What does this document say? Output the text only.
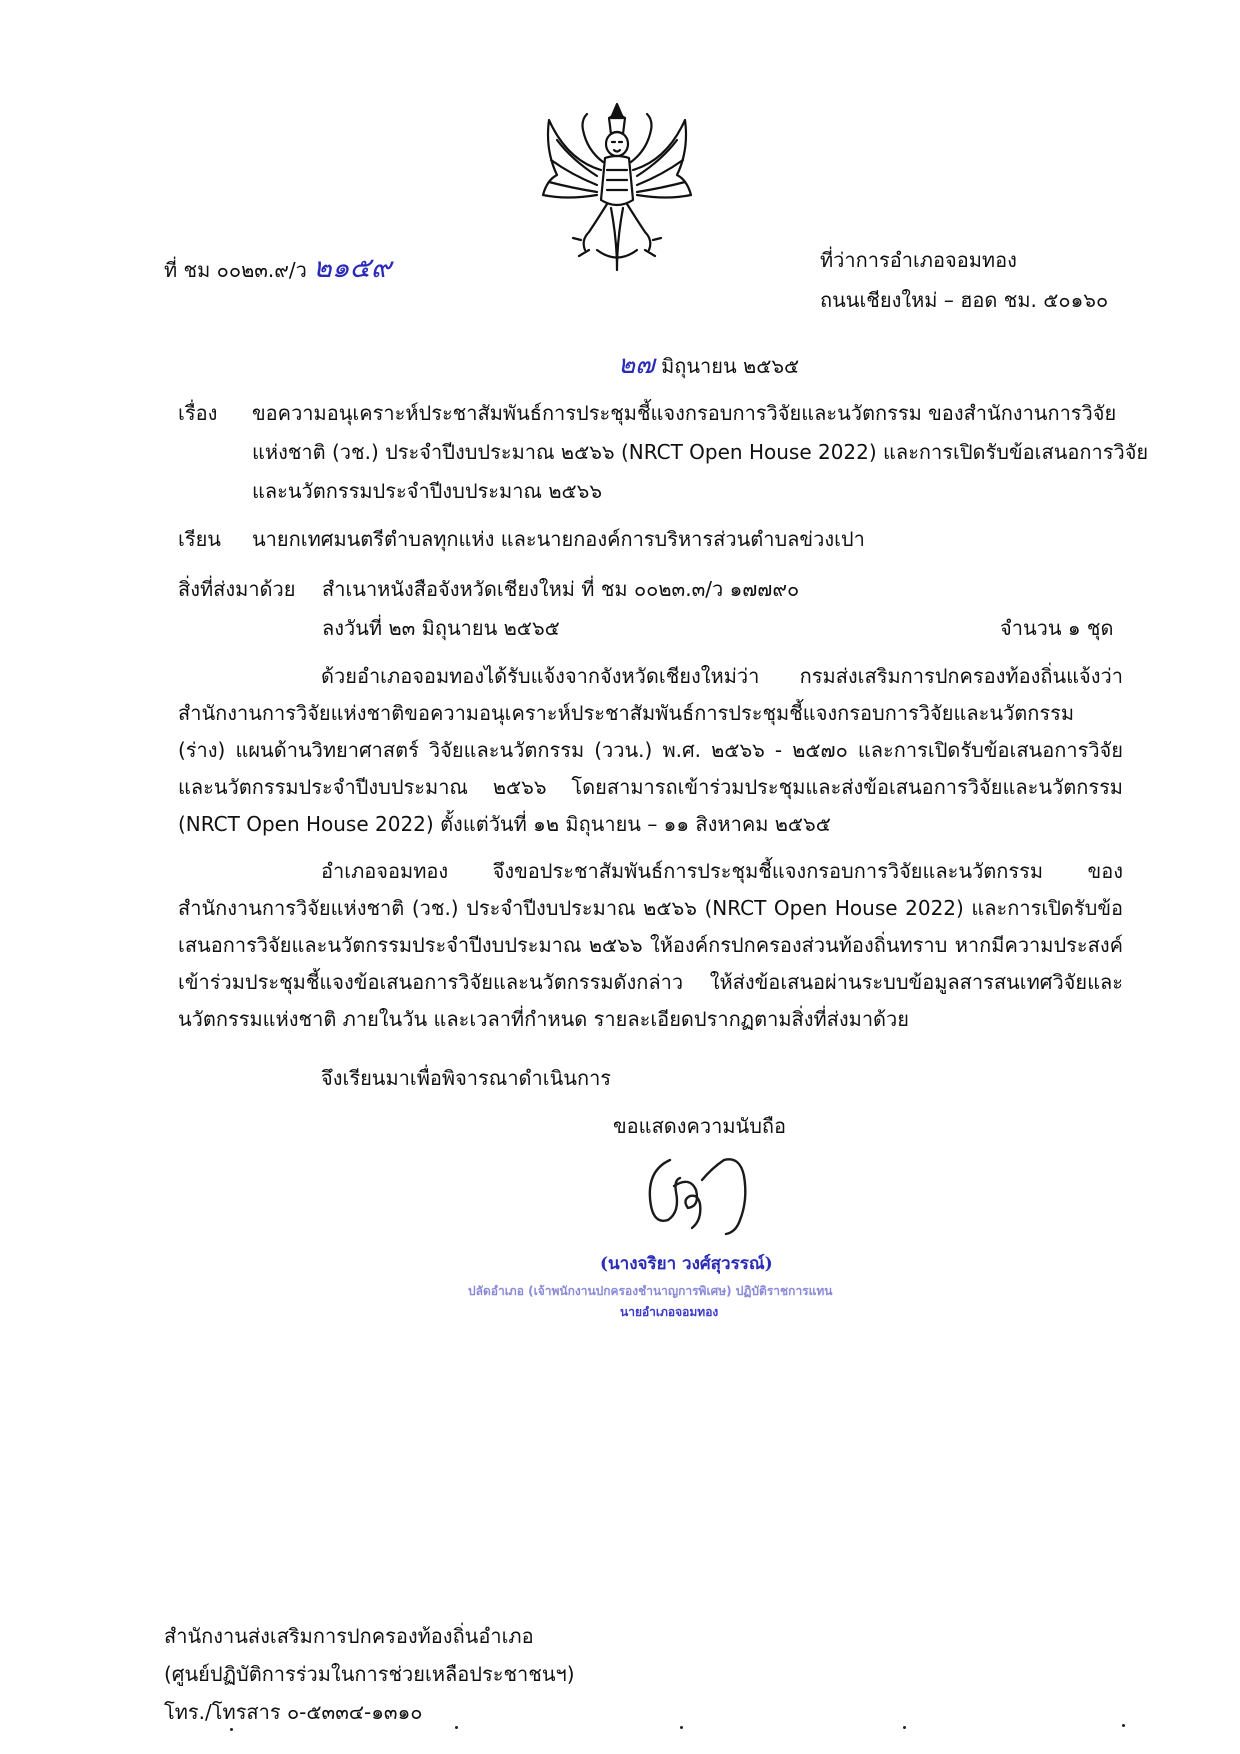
ที่ ชม ๐๐๒๓.๙/ว ๒๑๕๙	ที่ว่าการอำเภอจอมทอง
ถนนเชียงใหม่ – ฮอด ชม. ๕๐๑๖๐
๒๗ มิถุนายน ๒๕๖๕
เรื่อง ขอความอนุเคราะห์ประชาสัมพันธ์การประชุมชี้แจงกรอบการวิจัยและนวัตกรรม ของสำนักงานการวิจัย
แห่งชาติ (วช.) ประจำปีงบประมาณ ๒๕๖๖ (NRCT Open House 2022) และการเปิดรับข้อเสนอการวิจัย
และนวัตกรรมประจำปีงบประมาณ ๒๕๖๖
เรียน นายกเทศมนตรีตำบลทุกแห่ง และนายกองค์การบริหารส่วนตำบลข่วงเปา
สิ่งที่ส่งมาด้วย สำเนาหนังสือจังหวัดเชียงใหม่ ที่ ชม ๐๐๒๓.๓/ว ๑๗๗๙๐
ลงวันที่ ๒๓ มิถุนายน ๒๕๖๕	จำนวน ๑ ชุด
ด้วยอำเภอจอมทองได้รับแจ้งจากจังหวัดเชียงใหม่ว่า กรมส่งเสริมการปกครองท้องถิ่นแจ้งว่า สำนักงานการวิจัยแห่งชาติขอความอนุเคราะห์ประชาสัมพันธ์การประชุมชี้แจงกรอบการวิจัยและนวัตกรรม (ร่าง) แผนด้านวิทยาศาสตร์ วิจัยและนวัตกรรม (ววน.) พ.ศ. ๒๕๖๖ - ๒๕๗๐ และการเปิดรับข้อเสนอการวิจัยและนวัตกรรมประจำปีงบประมาณ ๒๕๖๖ โดยสามารถเข้าร่วมประชุมและส่งข้อเสนอการวิจัยและนวัตกรรม (NRCT Open House 2022) ตั้งแต่วันที่ ๑๒ มิถุนายน – ๑๑ สิงหาคม ๒๕๖๕
อำเภอจอมทอง จึงขอประชาสัมพันธ์การประชุมชี้แจงกรอบการวิจัยและนวัตกรรม ของสำนักงานการวิจัยแห่งชาติ (วช.) ประจำปีงบประมาณ ๒๕๖๖ (NRCT Open House 2022) และการเปิดรับข้อเสนอการวิจัยและนวัตกรรมประจำปีงบประมาณ ๒๕๖๖ ให้องค์กรปกครองส่วนท้องถิ่นทราบ หากมีความประสงค์เข้าร่วมประชุมชี้แจงข้อเสนอการวิจัยและนวัตกรรมดังกล่าว ให้ส่งข้อเสนอผ่านระบบข้อมูลสารสนเทศวิจัยและนวัตกรรมแห่งชาติ ภายในวัน และเวลาที่กำหนด รายละเอียดปรากฏตามสิ่งที่ส่งมาด้วย
จึงเรียนมาเพื่อพิจารณาดำเนินการ
ขอแสดงความนับถือ
(นางจริยา วงศ์สุวรรณ์)
ปลัดอำเภอ (เจ้าพนักงานปกครองชำนาญการพิเศษ) ปฏิบัติราชการแทน
นายอำเภอจอมทอง
สำนักงานส่งเสริมการปกครองท้องถิ่นอำเภอ
(ศูนย์ปฏิบัติการร่วมในการช่วยเหลือประชาชนฯ)
โทร./โทรสาร ๐-๕๓๓๔-๑๓๑๐
